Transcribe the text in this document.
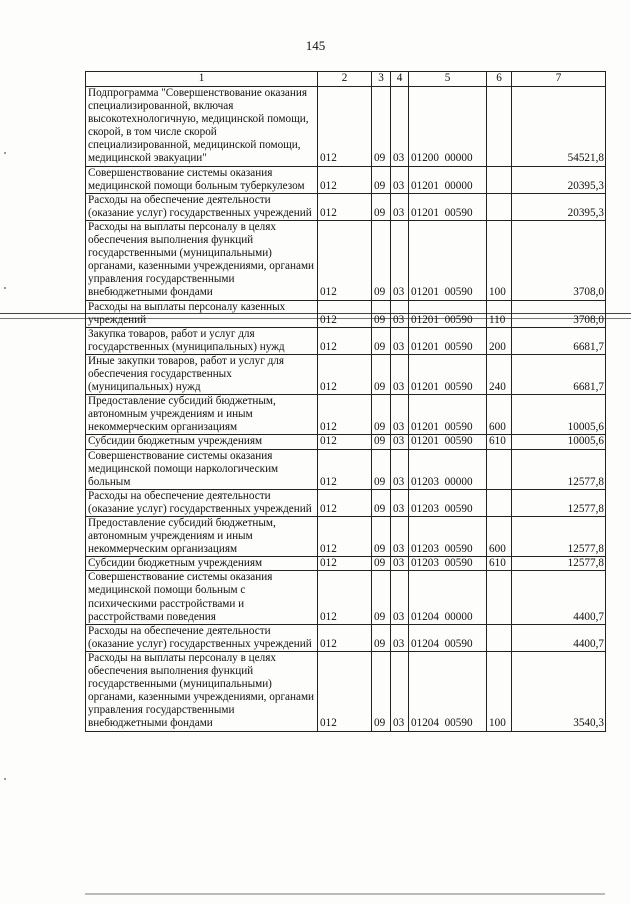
145
1	2	3	4	5	6	7
Подпрограмма "Совершенствование оказания специализированной, включая высокотехнологичную, медицинской помощи, скорой, в том числе скорой специализированной, медицинской помощи, медицинской эвакуации"	012	09	03	01200  00000		54521,8
Совершенствование системы оказания медицинской помощи больным туберкулезом	012	09	03	01201  00000		20395,3
Расходы на обеспечение деятельности (оказание услуг) государственных учреждений	012	09	03	01201  00590		20395,3
Расходы на выплаты персоналу в целях обеспечения выполнения функций государственными (муниципальными) органами, казенными учреждениями, органами управления государственными внебюджетными фондами	012	09	03	01201  00590	100	3708,0
Расходы на выплаты персоналу казенных учреждений	012	09	03	01201  00590	110	3708,0
Закупка товаров, работ и услуг для государственных (муниципальных) нужд	012	09	03	01201  00590	200	6681,7
Иные закупки товаров, работ и услуг для обеспечения государственных (муниципальных) нужд	012	09	03	01201  00590	240	6681,7
Предоставление субсидий бюджетным, автономным учреждениям и иным некоммерческим организациям	012	09	03	01201  00590	600	10005,6
Субсидии бюджетным учреждениям	012	09	03	01201  00590	610	10005,6
Совершенствование системы оказания медицинской помощи наркологическим больным	012	09	03	01203  00000		12577,8
Расходы на обеспечение деятельности (оказание услуг) государственных учреждений	012	09	03	01203  00590		12577,8
Предоставление субсидий бюджетным, автономным учреждениям и иным некоммерческим организациям	012	09	03	01203  00590	600	12577,8
Субсидии бюджетным учреждениям	012	09	03	01203  00590	610	12577,8
Совершенствование системы оказания медицинской помощи больным с психическими расстройствами и расстройствами поведения	012	09	03	01204  00000		4400,7
Расходы на обеспечение деятельности (оказание услуг) государственных учреждений	012	09	03	01204  00590		4400,7
Расходы на выплаты персоналу в целях обеспечения выполнения функций государственными (муниципальными) органами, казенными учреждениями, органами управления государственными внебюджетными фондами	012	09	03	01204  00590	100	3540,3
